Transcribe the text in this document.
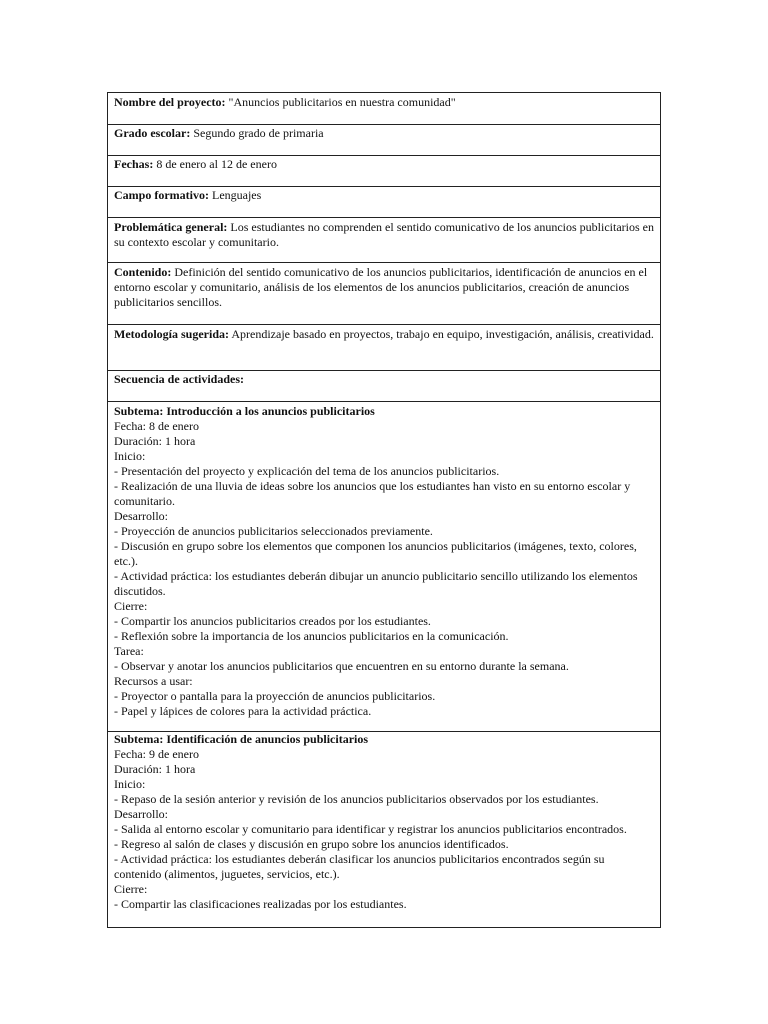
Nombre del proyecto: "Anuncios publicitarios en nuestra comunidad"
Grado escolar: Segundo grado de primaria
Fechas: 8 de enero al 12 de enero
Campo formativo: Lenguajes
Problemática general: Los estudiantes no comprenden el sentido comunicativo de los anuncios publicitarios en su contexto escolar y comunitario.
Contenido: Definición del sentido comunicativo de los anuncios publicitarios, identificación de anuncios en el entorno escolar y comunitario, análisis de los elementos de los anuncios publicitarios, creación de anuncios publicitarios sencillos.
Metodología sugerida: Aprendizaje basado en proyectos, trabajo en equipo, investigación, análisis, creatividad.
Secuencia de actividades:
Subtema: Introducción a los anuncios publicitarios
Fecha: 8 de enero
Duración: 1 hora
Inicio:
- Presentación del proyecto y explicación del tema de los anuncios publicitarios.
- Realización de una lluvia de ideas sobre los anuncios que los estudiantes han visto en su entorno escolar y comunitario.
Desarrollo:
- Proyección de anuncios publicitarios seleccionados previamente.
- Discusión en grupo sobre los elementos que componen los anuncios publicitarios (imágenes, texto, colores, etc.).
- Actividad práctica: los estudiantes deberán dibujar un anuncio publicitario sencillo utilizando los elementos discutidos.
Cierre:
- Compartir los anuncios publicitarios creados por los estudiantes.
- Reflexión sobre la importancia de los anuncios publicitarios en la comunicación.
Tarea:
- Observar y anotar los anuncios publicitarios que encuentren en su entorno durante la semana.
Recursos a usar:
- Proyector o pantalla para la proyección de anuncios publicitarios.
- Papel y lápices de colores para la actividad práctica.
Subtema: Identificación de anuncios publicitarios
Fecha: 9 de enero
Duración: 1 hora
Inicio:
- Repaso de la sesión anterior y revisión de los anuncios publicitarios observados por los estudiantes.
Desarrollo:
- Salida al entorno escolar y comunitario para identificar y registrar los anuncios publicitarios encontrados.
- Regreso al salón de clases y discusión en grupo sobre los anuncios identificados.
- Actividad práctica: los estudiantes deberán clasificar los anuncios publicitarios encontrados según su contenido (alimentos, juguetes, servicios, etc.).
Cierre:
- Compartir las clasificaciones realizadas por los estudiantes.
